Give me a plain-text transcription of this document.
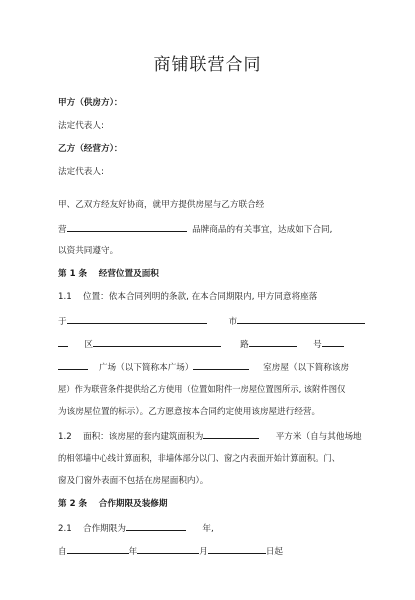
商铺联营合同
甲方（供房方）：
法定代表人:
乙方（经营方）：
法定代表人:
甲、乙双方经友好协商，就甲方提供房屋与乙方联合经
营	品牌商品的有关事宜，达成如下合同,
以资共同遵守。
第 1 条　 经营位置及面积
1.1　 位置：依本合同列明的条款, 在本合同期限内, 甲方同意将座落
于	市
区	路	号
广场（以下简称本广场）	室房屋（以下简称该房
屋）作为联营条件提供给乙方使用（位置如附件一房屋位置图所示, 该附件图仅
为该房屋位置的标示）。乙方愿意按本合同约定使用该房屋进行经营。
1.2　 面积：该房屋的套内建筑面积为	平方米（自与其他场地
的相邻墙中心线计算面积，非墙体部分以门、窗之内表面开始计算面积。门、
窗及门窗外表面不包括在房屋面积内）。
第 2 条　 合作期限及装修期
2.1　 合作期限为	年,
自	年	月	日起
